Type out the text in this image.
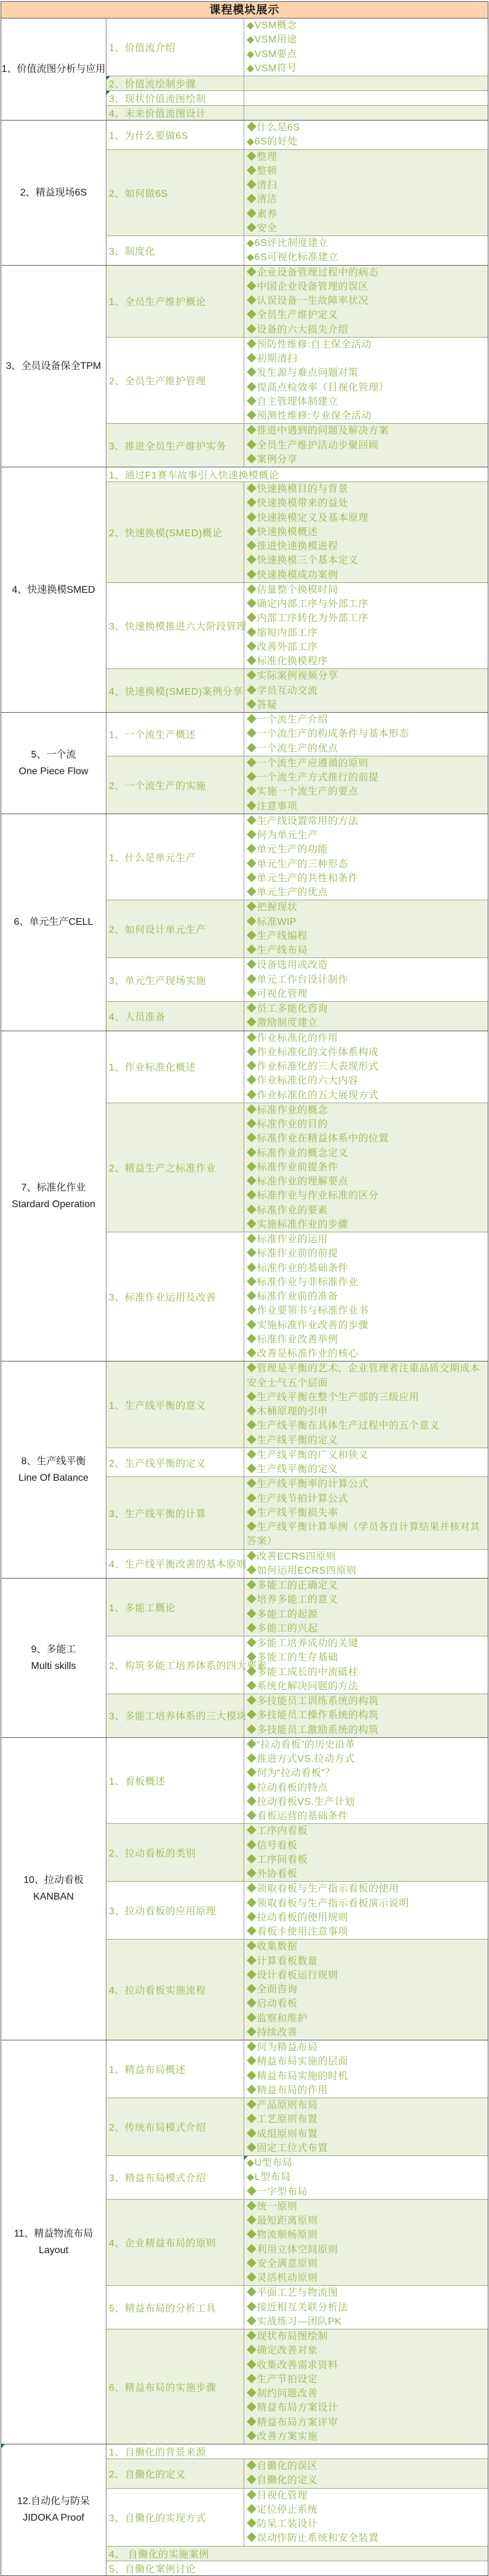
课程模块展示
1、价值流图分析与应用
1、价值流介绍
◆VSM概念
◆VSM用途
◆VSM要点
◆VSM符号
2、价值流绘制步骤
3、现状价值流图绘制
4、未来价值流图设计
2、精益现场6S
1、为什么要做6S
◆什么是6S
◆6S的好处
2、如何做6S
◆整理
◆整顿
◆清扫
◆清洁
◆素养
◆安全
3、制度化
◆6S评比制度建立
◆6S可视化标准建立
3、全员设备保全TPM
1、全员生产维护概论
◆企业设备管理过程中的病态
◆中国企业设备管理的误区
◆认误设备一生故障率状况
◆全员生产维护定义
◆设备的六大损失介绍
2、全员生产维护管理
◆预防性维修:自主保全活动
◆初期清扫
◆发生源与难点问题对策
◆提高点检效率（目视化管理）
◆自主管理体制建立
◆预测性维修:专业保全活动
3、推进全员生产维护实务
◆推进中遇到的问题及解决方案
◆全员生产维护活动步聚回顾
◆案例分享
4、快速换模SMED
1、通过F1赛车故事引入快速换模概论
2、快速换模(SMED)概论
◆快速换模目的与背景
◆快速换模带来的益处
◆快速换模定义及基本原理
◆快速换模概述
◆推进快速换模进程
◆快速换模三个基本定义
◆快速换模成功案例
3、快速换模推进六大阶段管理
◆估量整个换模时间
◆确定内部工序与外部工序
◆内部工序转化为外部工序
◆缩短内部工序
◆改善外部工序
◆标准化换模程序
4、快速换模(SMED)案例分享
◆实际案例视频分享
◆学员互动交流
◆答疑
5、一个流
One Piece Flow
1、一个流生产概述
◆一个流生产介绍
◆一个流生产的构成条件与基本形态
◆一个流生产的优点
2、一个流生产的实施
◆一个流生产应遵循的原则
◆一个流生产方式推行的前提
◆实施一个流生产的要点
◆注意事项
6、单元生产CELL
1、什么是单元生产
◆生产线设置常用的方法
◆何为单元生产
◆单元生产的功能
◆单元生产的三种形态
◆单元生产的共性和条件
◆单元生产的优点
2、如何设计单元生产
◆把握现状
◆标准WIP
◆生产线编程
◆生产线布局
3、单元生产现场实施
◆设备选用或改造
◆单元工作台设计制作
◆可视化管理
4、人员准备
◆员工多能化咨询
◆激励制度建立
7、标准化作业
Stardard Operation
1、作业标准化概述
◆作业标准化的作用
◆作业标准化的文件体系构成
◆作业标准化的三大表现形式
◆作业标准化的六大内容
◆作业标准化的五大展现方式
2、精益生产之标准作业
◆标准作业的概念
◆标准作业的目的
◆标准作业在精益体系中的位置
◆标准作业的概念定义
◆标准作业前提条件
◆标准作业的理解要点
◆标准作业与作业标准的区分
◆标准作业的要素
◆实施标准作业的步骤
3、标准作业运用及改善
◆标准作业的运用
◆标准作业前的前提
◆标准作业的基础条件
◆标准作业与非标准作业
◆标准作业前的准备
◆作业要领书与标准作业书
◆实施标准作业改善的步骤
◆标准作业改善举例
◆改善是标准作业的核心
8、生产线平衡
Line Of Balance
1、生产线平衡的意义
◆管理是平衡的艺术，企业管理者注重品质交期成本安全士气五个层面
◆生产线平衡在整个生产部的三级应用
◆木桶原理的引申
◆生产线平衡在具体生产过程中的五个意义
◆生产线平衡的定义
2、生产线平衡的定义
◆生产线平衡的广义和狭义
◆生产线平衡的定义
3、生产线平衡的计算
◆生产线平衡率的计算公式
◆生产线节拍计算公式
◆生产线平衡损失率
◆生产线平衡计算举例（学员各自计算结果并核对其答案）
4、生产线平衡改善的基本原则
◆改善ECRS四原则
◆如何运用ECRS四原则
9、多能工
Multi skills
1、多能工概论
◆多能工的正确定义
◆培养多能工的意义
◆多能工的起源
◆多能工的兴起
2、构筑多能工培养体系的四大要素
◆多能工培养成功的关键
◆多能工的生存基础
◆多能工成长的中流砥柱
◆系统化解决问题的方法
3、多能工培养体系的三大模块
◆多技能员工训练系统的构筑
◆多技能员工操作系统的构筑
◆多技能员工激励系统的构筑
10、拉动看板
KANBAN
1、看板概述
◆“拉动看板”的历史沿革
◆推进方式VS.拉动方式
◆何为“拉动看板”？
◆拉动看板的特点
◆拉动看板VS.生产计划
◆看板运营的基础条件
2、拉动看板的类别
◆工序内看板
◆信号看板
◆工序间看板
◆外协看板
3、拉动看板的应用原理
◆领取看板与生产指示看板的使用
◆领取看板与生产指示看板演示说明
◆拉动看板的使用规则
◆看板卡使用注意事项
4、拉动看板实施流程
◆收集数据
◆计算看板数量
◆设计看板运行规则
◆全面咨询
◆启动看板
◆监察和维护
◆持续改善
11、精益物流布局
Layout
1、精益布局概述
◆何为精益布局
◆精益布局实施的层面
◆精益布局实施的时机
◆精益布局的作用
2、传统布局模式介绍
◆产品原则布局
◆工艺原则布置
◆成组原则布置
◆固定工位式布置
3、精益布局模式介绍
◆U型布局
◆L型布局
◆一字型布局
4、企业精益布局的原则
◆统一原则
◆最短距离原则
◆物流顺畅原则
◆利用立体空间原则
◆安全满意原则
◆灵活机动原则
5、精益布局的分析工具
◆平面工艺与物流图
◆接近相互关联分析法
◆实战练习—团队PK
6、精益布局的实施步骤
◆现状布局图绘制
◆确定改善对象
◆收集改善需求资料
◆生产节拍设定
◆制约问题改善
◆精益布局方案设计
◆精益布局方案评审
◆改善方案实施
12.自动化与防呆
JIDOKA Proof
1、自働化的背景来源
2、自働化的定义
◆自働化的误区
◆自働化的定义
3、自働化的实现方式
◆目视化管理
◆定位停止系统
◆防呆工装设计
◆误动作防止系统和安全装置
4、 自働化的实施案例
5、自働化案例讨论
